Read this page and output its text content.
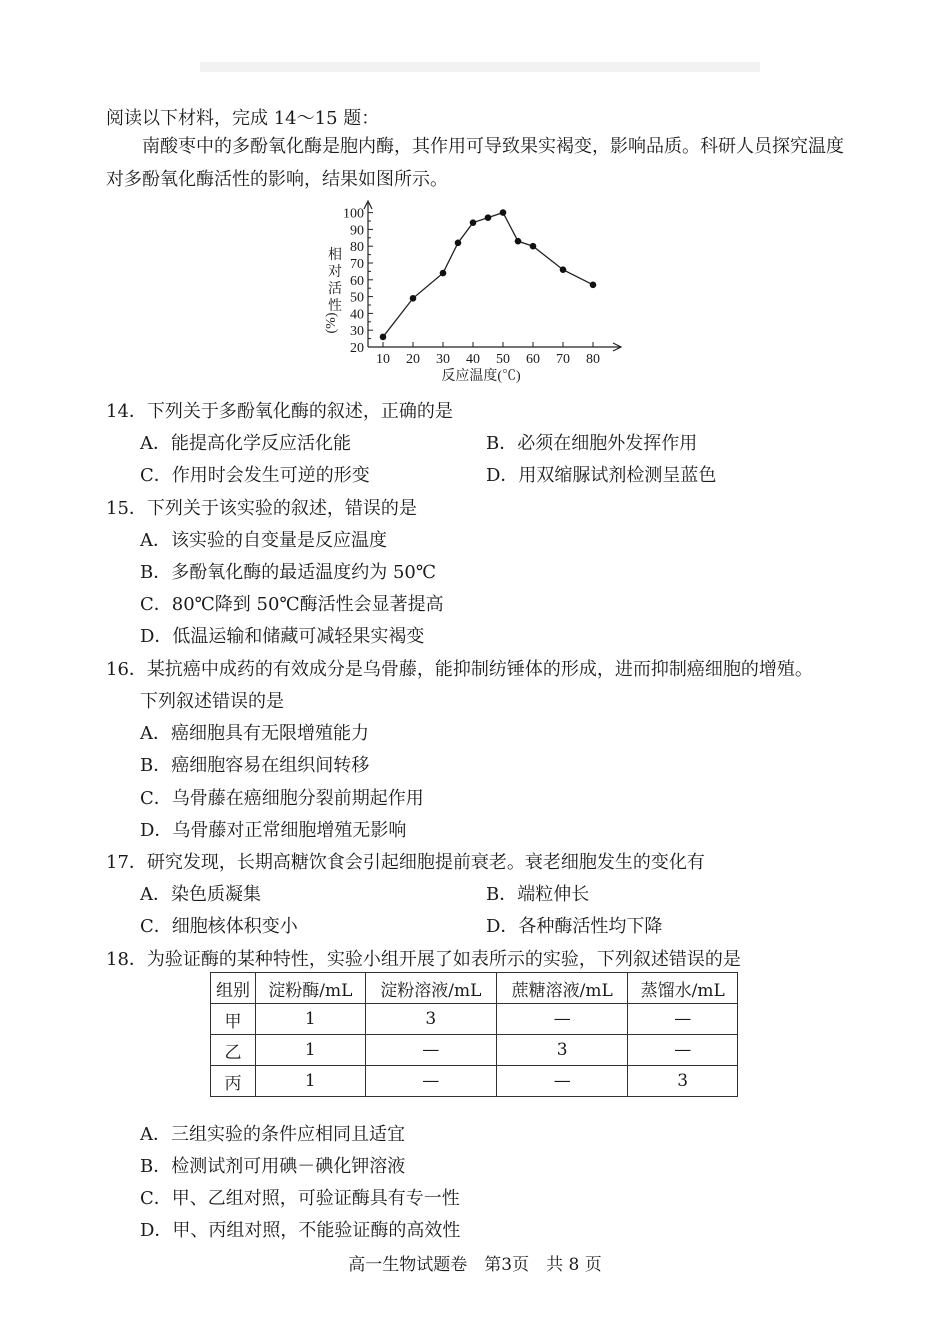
阅读以下材料，完成 14～15 题：
南酸枣中的多酚氧化酶是胞内酶，其作用可导致果实褐变，影响品质。科研人员探究温度对多酚氧化酶活性的影响，结果如图所示。
20
30
40
50
60
70
80
90
100
10 20 30 40 50 60 70 80
反应温度(℃)
相
对
活
性
(%)
14．下列关于多酚氧化酶的叙述，正确的是
A．能提高化学反应活化能	B．必须在细胞外发挥作用
C．作用时会发生可逆的形变	D．用双缩脲试剂检测呈蓝色
15．下列关于该实验的叙述，错误的是
A．该实验的自变量是反应温度
B．多酚氧化酶的最适温度约为 50℃
C．80℃降到 50℃酶活性会显著提高
D．低温运输和储藏可减轻果实褐变
16．某抗癌中成药的有效成分是乌骨藤，能抑制纺锤体的形成，进而抑制癌细胞的增殖。
下列叙述错误的是
A．癌细胞具有无限增殖能力
B．癌细胞容易在组织间转移
C．乌骨藤在癌细胞分裂前期起作用
D．乌骨藤对正常细胞增殖无影响
17．研究发现，长期高糖饮食会引起细胞提前衰老。衰老细胞发生的变化有
A．染色质凝集	B．端粒伸长
C．细胞核体积变小	D．各种酶活性均下降
18．为验证酶的某种特性，实验小组开展了如表所示的实验，下列叙述错误的是
组别	淀粉酶/mL	淀粉溶液/mL	蔗糖溶液/mL	蒸馏水/mL
甲	1	3	—	—
乙	1	—	3	—
丙	1	—	—	3
A．三组实验的条件应相同且适宜
B．检测试剂可用碘－碘化钾溶液
C．甲、乙组对照，可验证酶具有专一性
D．甲、丙组对照，不能验证酶的高效性
高一生物试题卷　第3页　共 8 页
